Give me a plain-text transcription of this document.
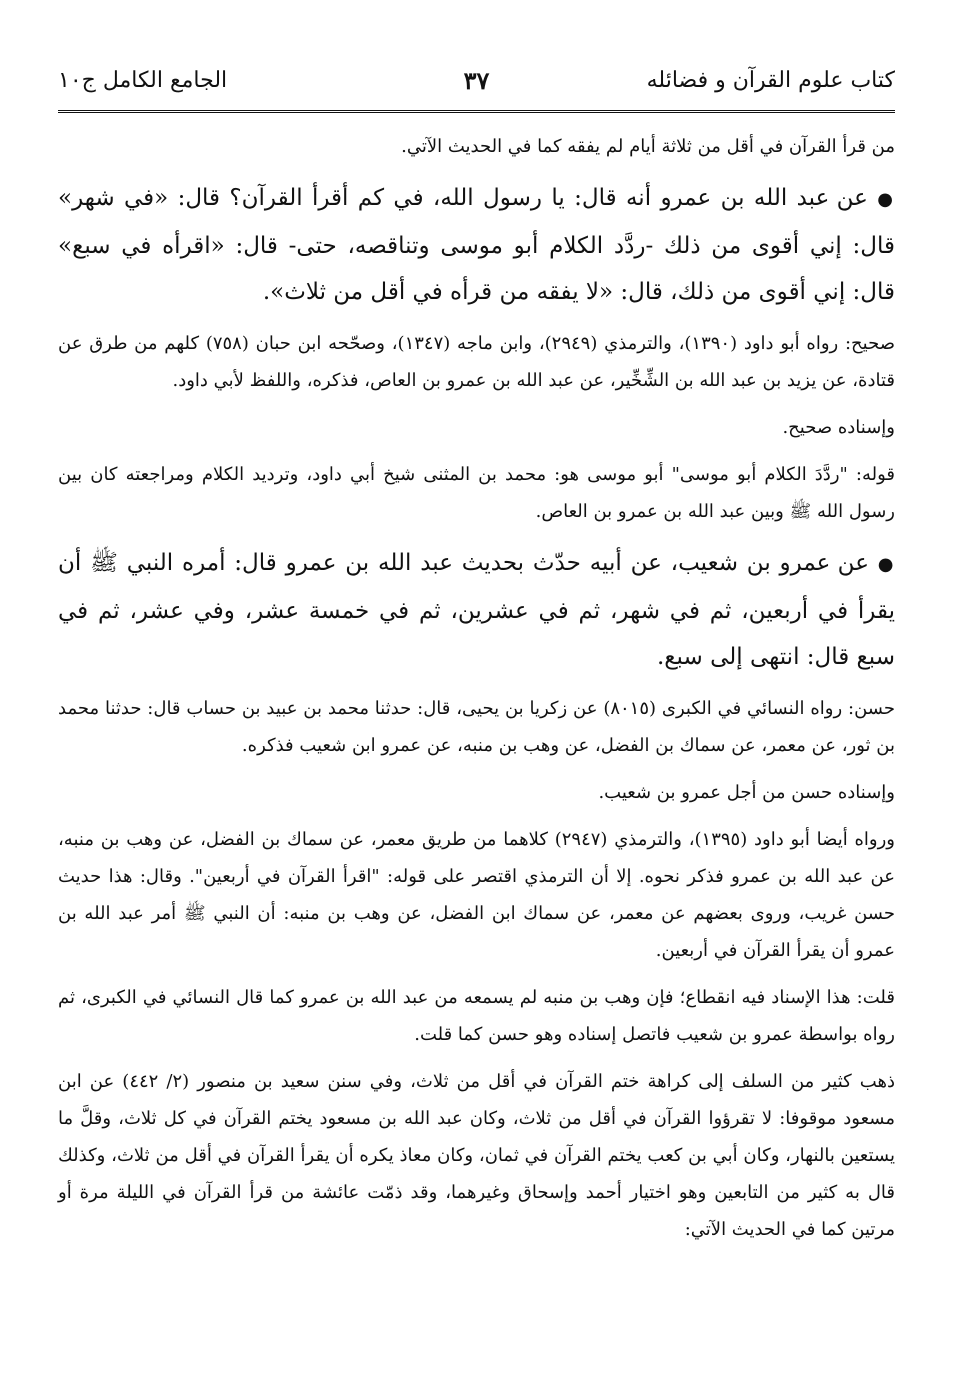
كتاب علوم القرآن و فضائله
٣٧
الجامع الكامل ج١٠

من قرأ القرآن في أقل من ثلاثة أيام لم يفقه كما في الحديث الآتي.

● عن عبد الله بن عمرو أنه قال: يا رسول الله، في كم أقرأ القرآن؟ قال: «في شهر» قال: إني أقوى من ذلك -ردَّد الكلام أبو موسى وتناقصه، حتى- قال: «اقرأه في سبع» قال: إني أقوى من ذلك، قال: «لا يفقه من قرأه في أقل من ثلاث».

صحيح: رواه أبو داود (١٣٩٠)، والترمذي (٢٩٤٩)، وابن ماجه (١٣٤٧)، وصحّحه ابن حبان (٧٥٨) كلهم من طرق عن قتادة، عن يزيد بن عبد الله بن الشِّخِّير، عن عبد الله بن عمرو بن العاص، فذكره، واللفظ لأبي داود.

وإسناده صحيح.

قوله: "ردَّدَ الكلام أبو موسى" أبو موسى هو: محمد بن المثنى شيخ أبي داود، وترديد الكلام ومراجعته كان بين رسول الله ﷺ وبين عبد الله بن عمرو بن العاص.

● عن عمرو بن شعيب، عن أبيه حدّث بحديث عبد الله بن عمرو قال: أمره النبي ﷺ أن يقرأ في أربعين، ثم في شهر، ثم في عشرين، ثم في خمسة عشر، وفي عشر، ثم في سبع قال: انتهى إلى سبع.

حسن: رواه النسائي في الكبرى (٨٠١٥) عن زكريا بن يحيى، قال: حدثنا محمد بن عبيد بن حساب قال: حدثنا محمد بن ثور، عن معمر، عن سماك بن الفضل، عن وهب بن منبه، عن عمرو ابن شعيب فذكره.

وإسناده حسن من أجل عمرو بن شعيب.

ورواه أيضا أبو داود (١٣٩٥)، والترمذي (٢٩٤٧) كلاهما من طريق معمر، عن سماك بن الفضل، عن وهب بن منبه، عن عبد الله بن عمرو فذكر نحوه. إلا أن الترمذي اقتصر على قوله: "اقرأ القرآن في أربعين". وقال: هذا حديث حسن غريب، وروى بعضهم عن معمر، عن سماك ابن الفضل، عن وهب بن منبه: أن النبي ﷺ أمر عبد الله بن عمرو أن يقرأ القرآن في أربعين.

قلت: هذا الإسناد فيه انقطاع؛ فإن وهب بن منبه لم يسمعه من عبد الله بن عمرو كما قال النسائي في الكبرى، ثم رواه بواسطة عمرو بن شعيب فاتصل إسناده وهو حسن كما قلت.

ذهب كثير من السلف إلى كراهة ختم القرآن في أقل من ثلاث، وفي سنن سعيد بن منصور (٢/ ٤٤٢) عن ابن مسعود موقوفا: لا تقرؤوا القرآن في أقل من ثلاث، وكان عبد الله بن مسعود يختم القرآن في كل ثلاث، وقلَّ ما يستعين بالنهار، وكان أبي بن كعب يختم القرآن في ثمان، وكان معاذ يكره أن يقرأ القرآن في أقل من ثلاث، وكذلك قال به كثير من التابعين وهو اختيار أحمد وإسحاق وغيرهما، وقد ذمّت عائشة من قرأ القرآن في الليلة مرة أو مرتين كما في الحديث الآتي:
